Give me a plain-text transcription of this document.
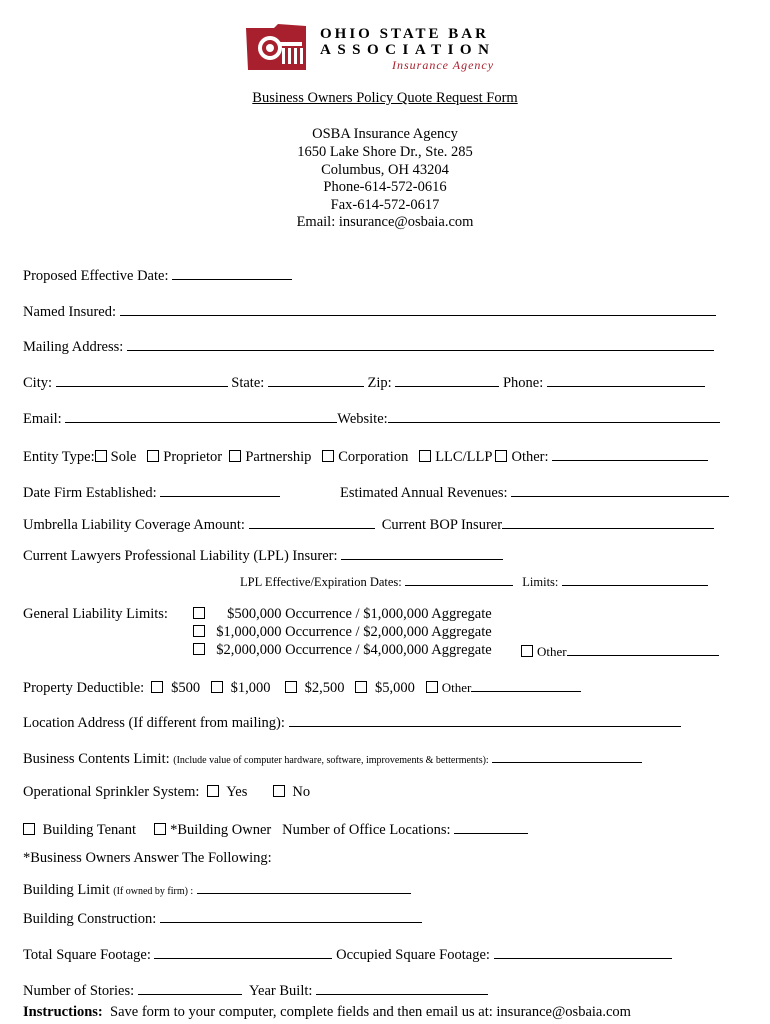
OHIO STATE BAR
ASSOCIATION
Insurance Agency
Business Owners Policy Quote Request Form
OSBA Insurance Agency
1650 Lake Shore Dr., Ste. 285
Columbus, OH 43204
Phone-614-572-0616
Fax-614-572-0617
Email: insurance@osbaia.com
Proposed Effective Date:
Named Insured:
Mailing Address:
City:	State:	Zip:	Phone:
Email:	Website:
Entity Type: Sole Proprietor Partnership Corporation LLC/LLP Other:
Date Firm Established:	Estimated Annual Revenues:
Umbrella Liability Coverage Amount:	Current BOP Insurer
Current Lawyers Professional Liability (LPL) Insurer:
LPL Effective/Expiration Dates:	Limits:
General Liability Limits:	$500,000 Occurrence / $1,000,000 Aggregate
$1,000,000 Occurrence / $2,000,000 Aggregate
$2,000,000 Occurrence / $4,000,000 Aggregate	Other
Property Deductible: $500 $1,000 $2,500 $5,000 Other
Location Address (If different from mailing):
Business Contents Limit: (Include value of computer hardware, software, improvements & betterments):
Operational Sprinkler System: Yes	No
Building Tenant *Building Owner Number of Office Locations:
*Business Owners Answer The Following:
Building Limit (If owned by firm) :
Building Construction:
Total Square Footage:	Occupied Square Footage:
Number of Stories:	Year Built:
Instructions: Save form to your computer, complete fields and then email us at: insurance@osbaia.com
